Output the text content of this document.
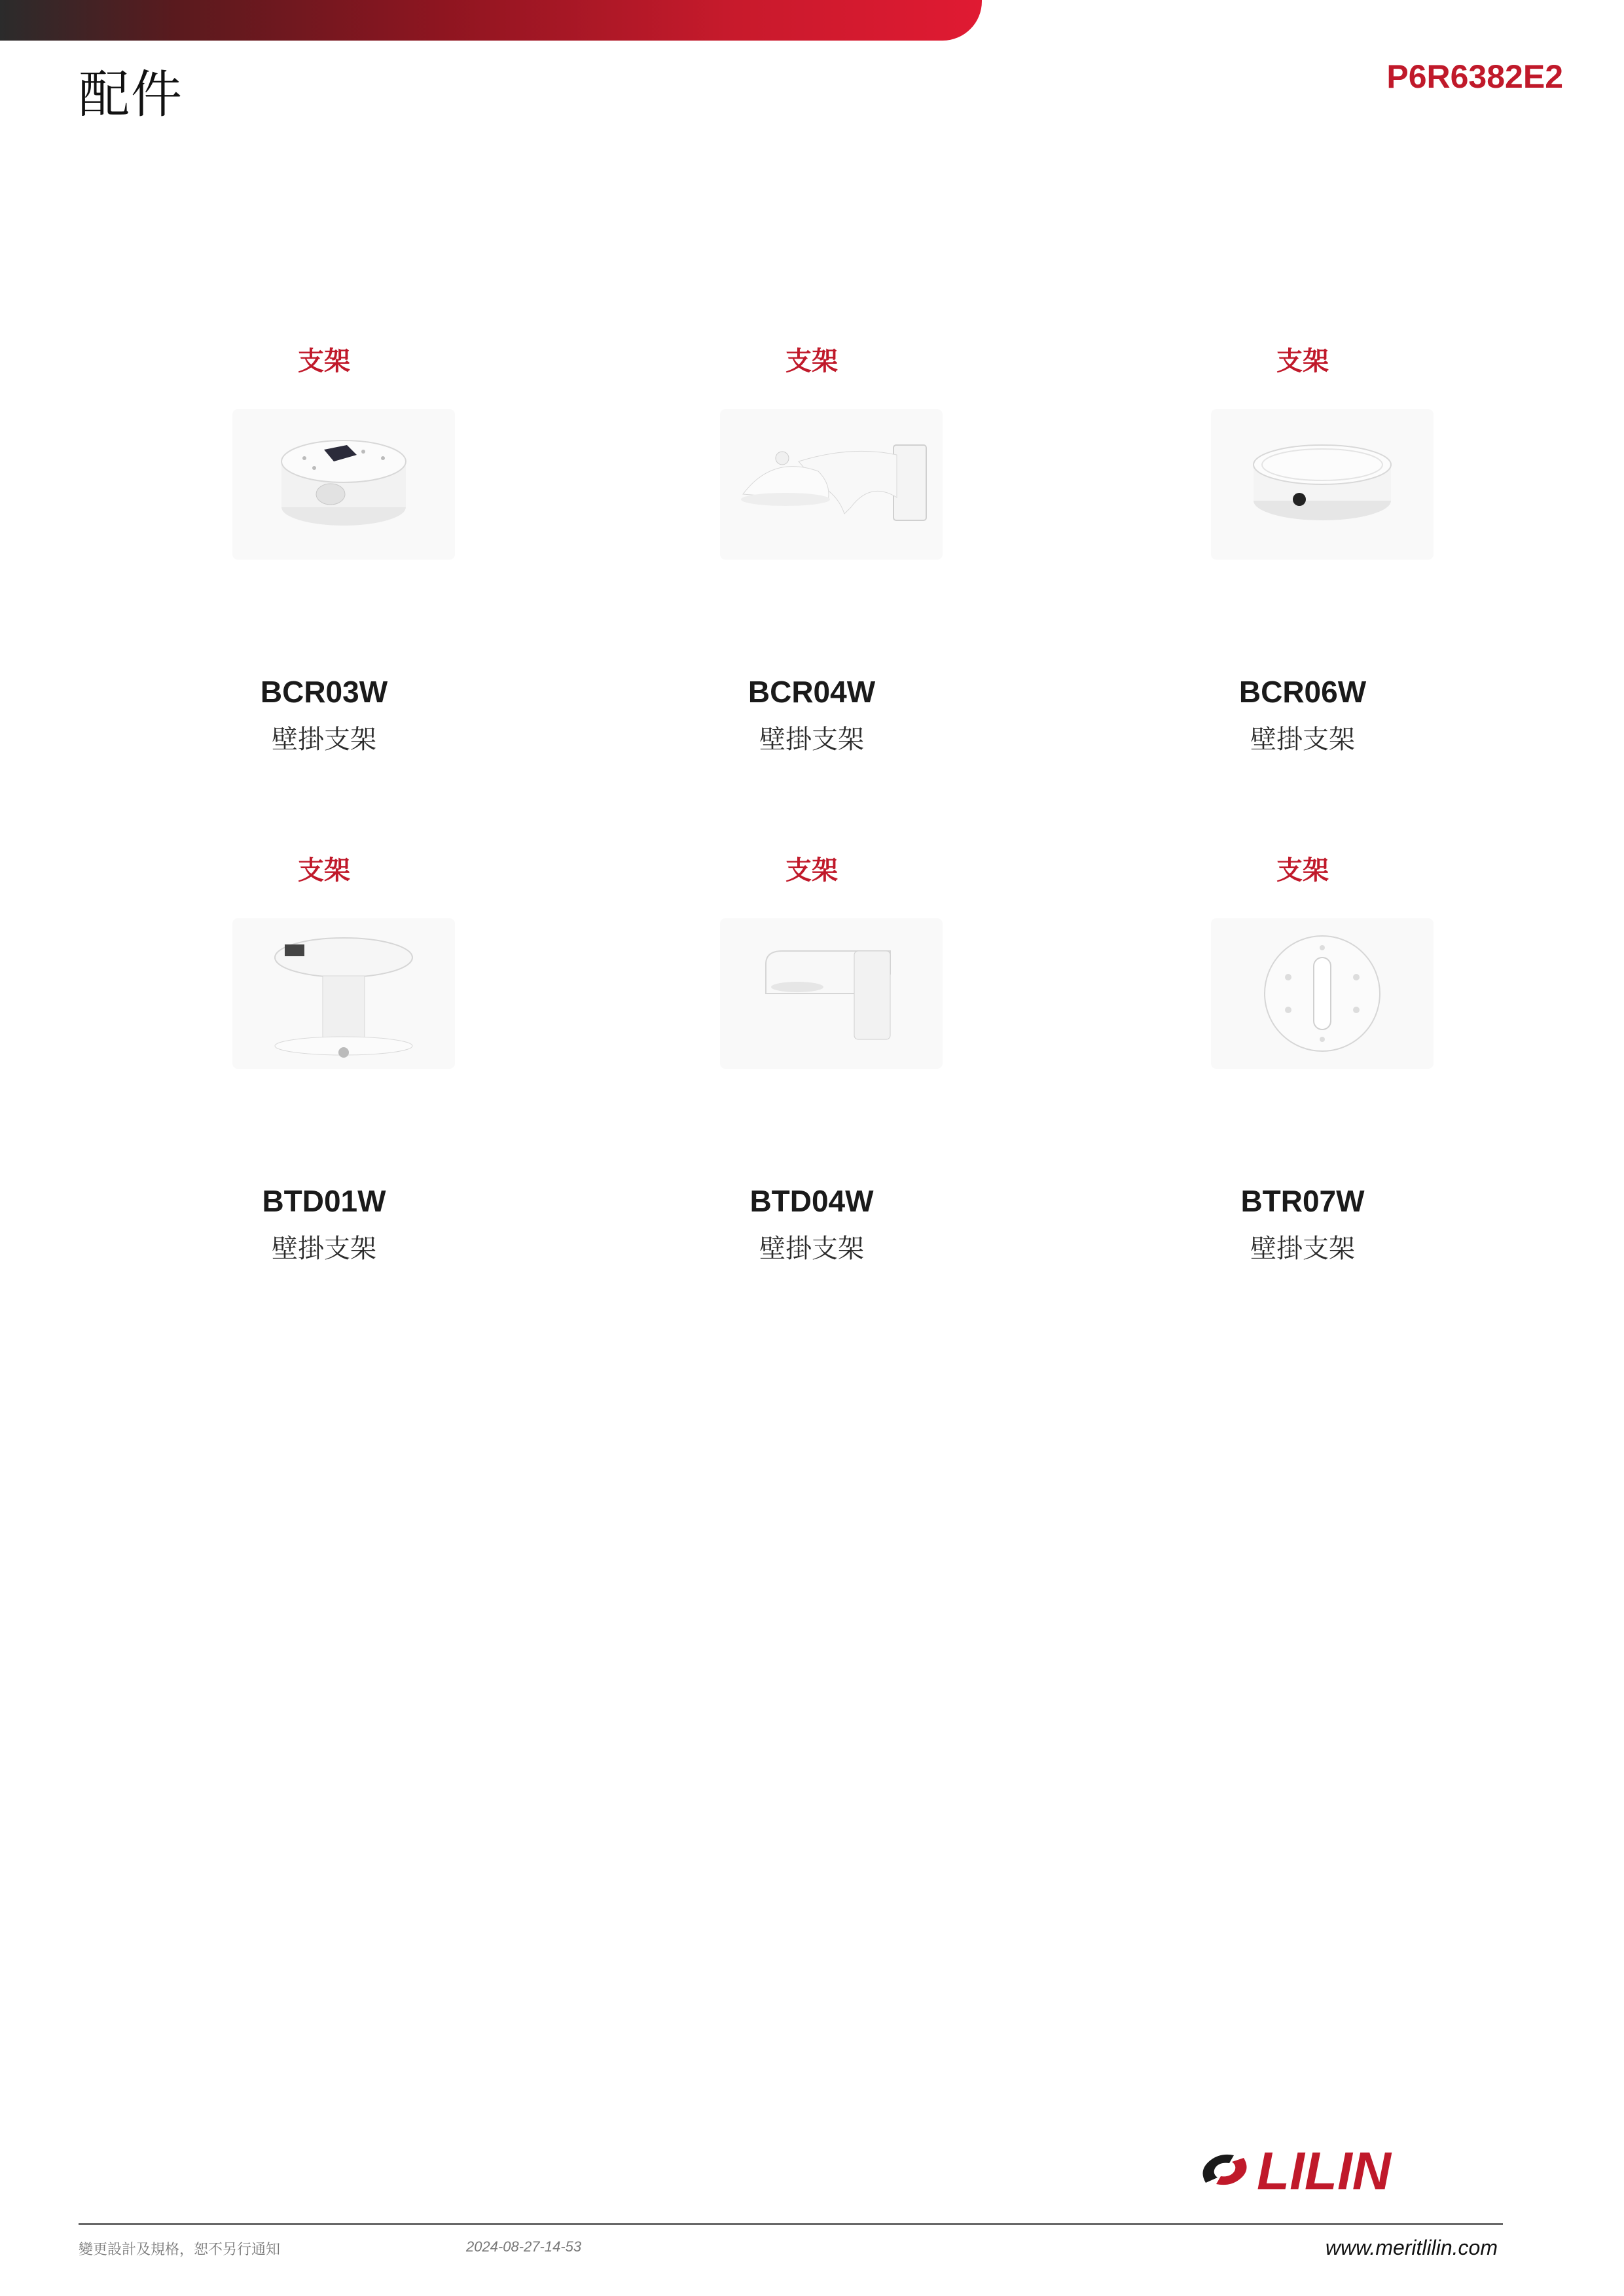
配件	P6R6382E2
支架
BCR03W
壁掛支架
支架
BCR04W
壁掛支架
支架
BCR06W
壁掛支架
支架
BTD01W
壁掛支架
支架
BTD04W
壁掛支架
支架
BTR07W
壁掛支架
LILIN
變更設計及規格，恕不另行通知	2024-08-27-14-53	www.meritlilin.com
